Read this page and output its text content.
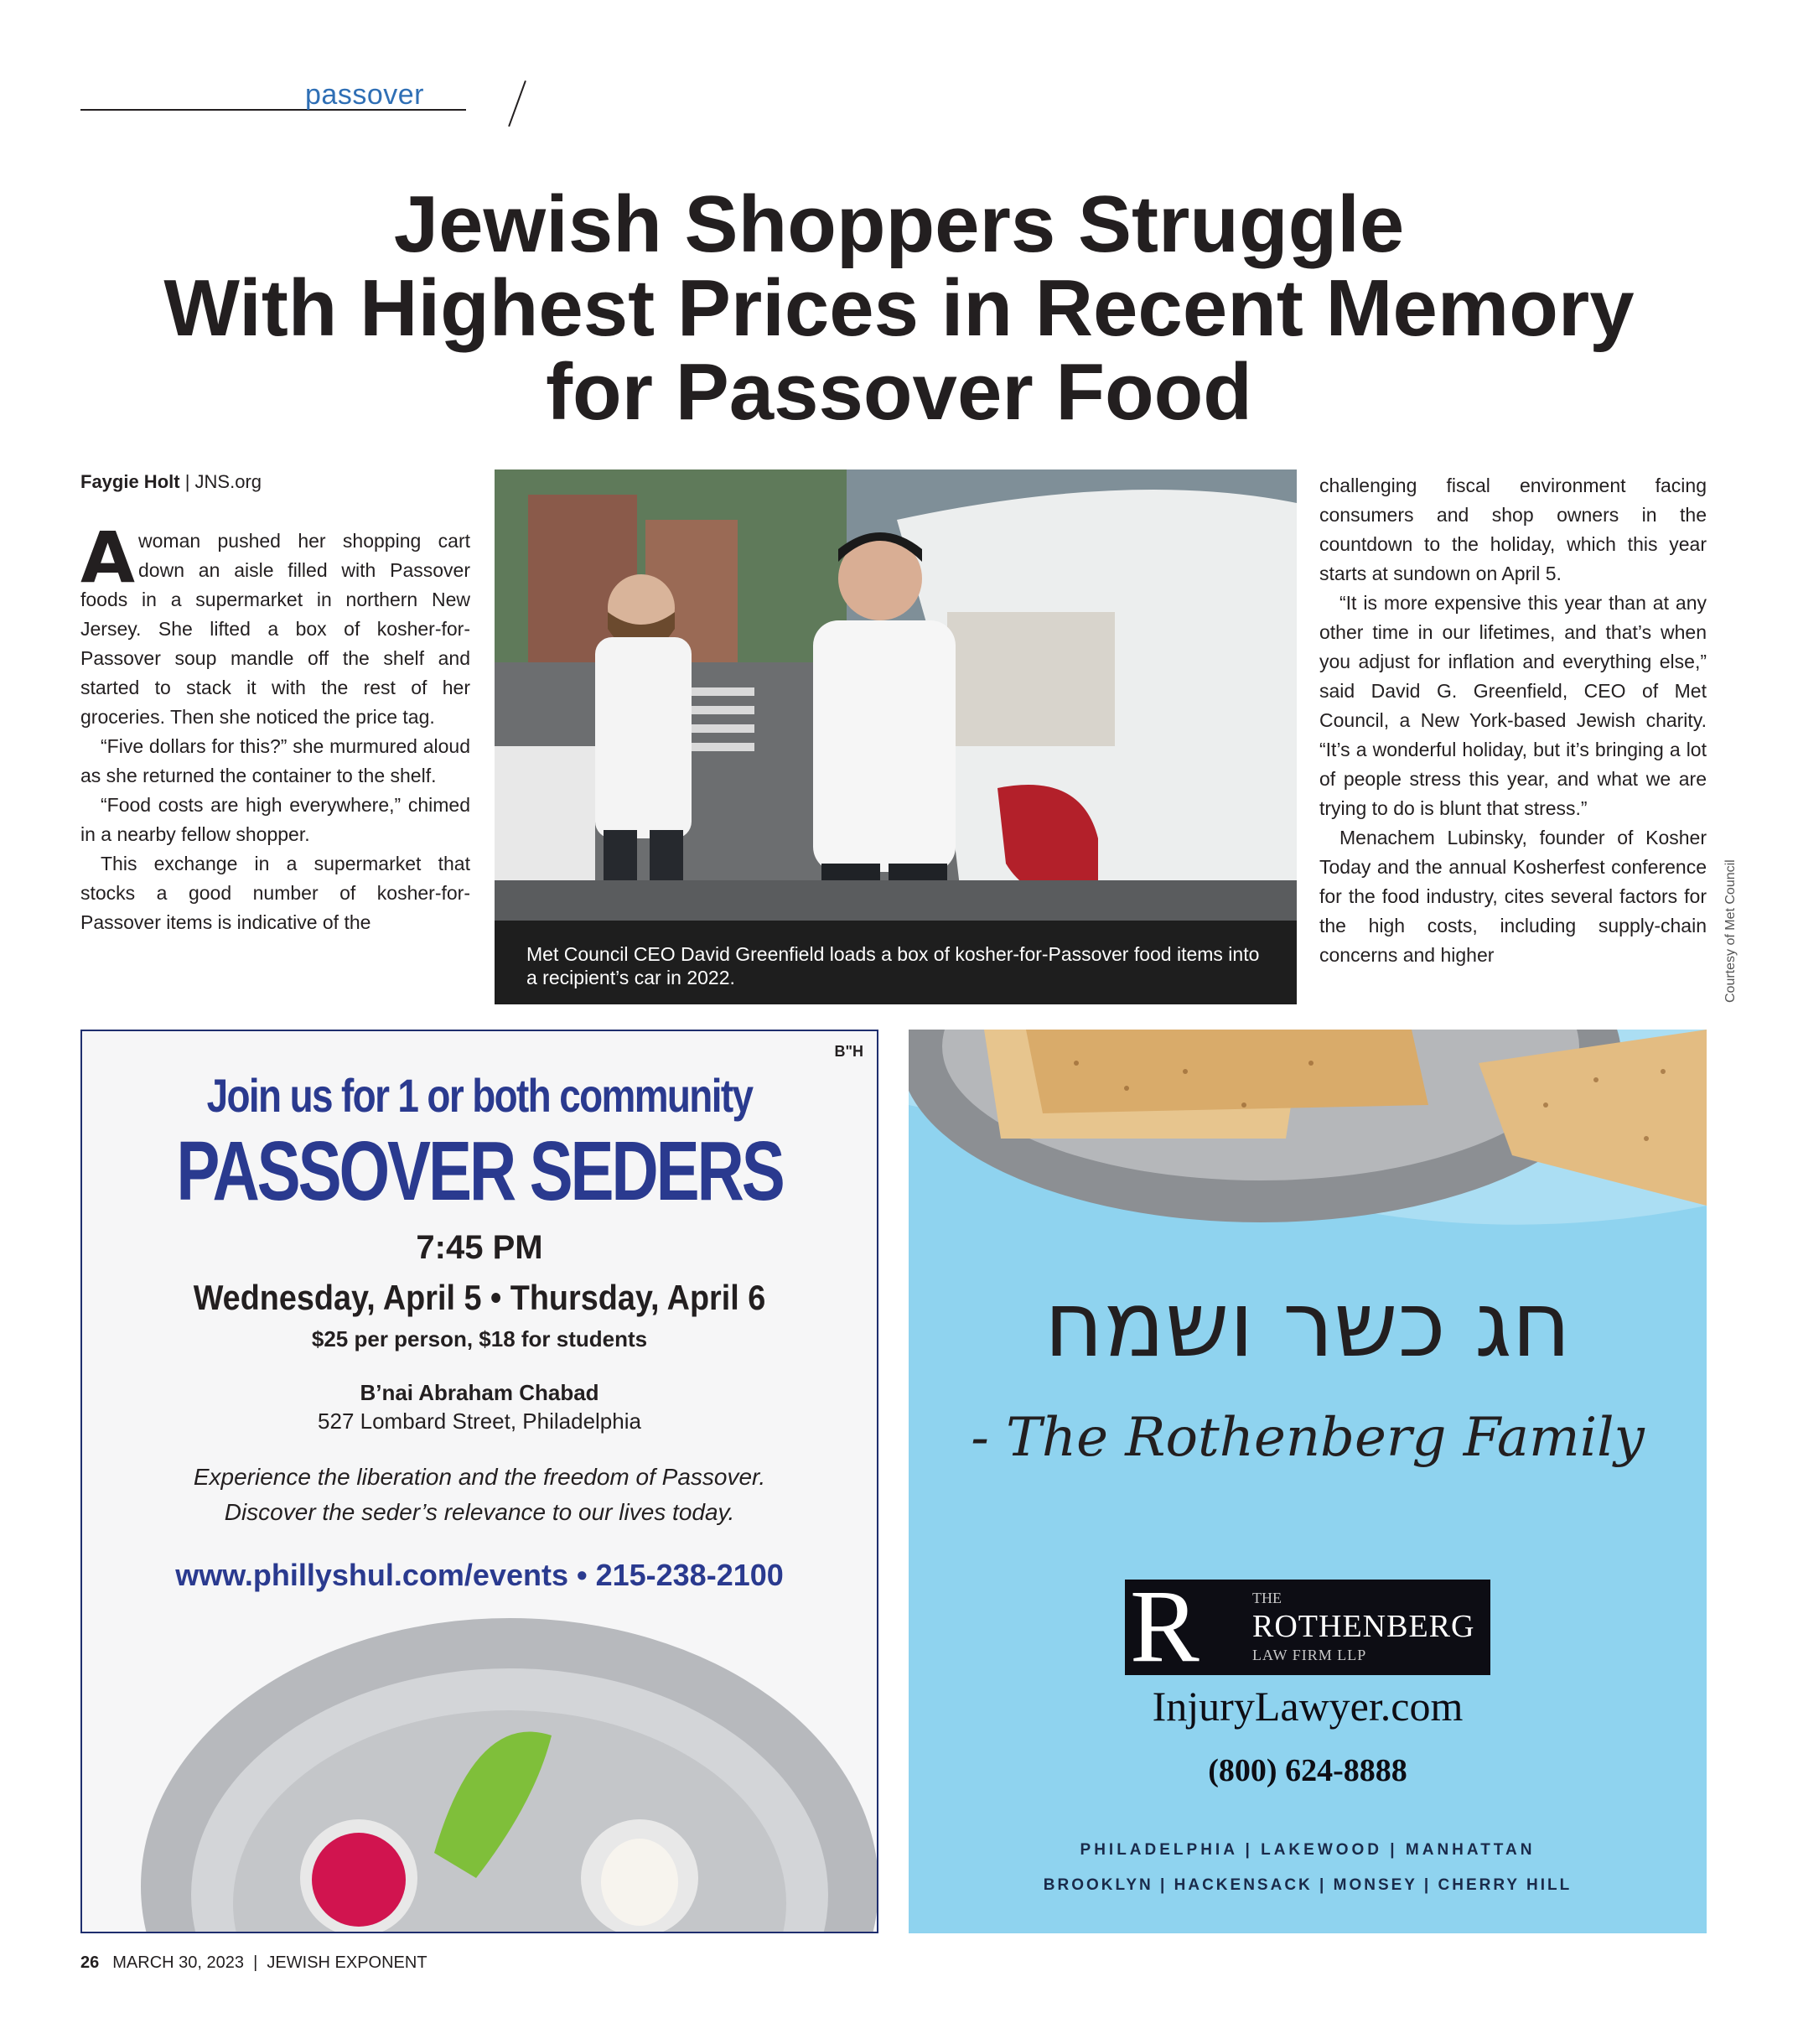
passover
Jewish Shoppers Struggle
With Highest Prices in Recent Memory
for Passover Food
Faygie Holt | JNS.org

Awoman pushed her shopping cart down an aisle filled with Passover foods in a supermarket in northern New Jersey. She lifted a box of kosher-for-Passover soup mandle off the shelf and started to stack it with the rest of her groceries. Then she noticed the price tag.

“Five dollars for this?” she murmured aloud as she returned the container to the shelf.

“Food costs are high everywhere,” chimed in a nearby fellow shopper.

This exchange in a supermarket that stocks a good number of kosher-for-Passover items is indicative of the

Met Council CEO David Greenfield loads a box of kosher-for-Passover food items into a recipient’s car in 2022.	Courtesy of Met Council

challenging fiscal environment facing consumers and shop owners in the countdown to the holiday, which this year starts at sundown on April 5.

“It is more expensive this year than at any other time in our lifetimes, and that’s when you adjust for inflation and everything else,” said David G. Greenfield, CEO of Met Council, a New York-based Jewish charity. “It’s a wonderful holiday, but it’s bringing a lot of people stress this year, and what we are trying to do is blunt that stress.”

Menachem Lubinsky, founder of Kosher Today and the annual Kosherfest conference for the food industry, cites several factors for the high costs, including supply-chain concerns and higher

B"H
Join us for 1 or both community
PASSOVER SEDERS
7:45 PM
Wednesday, April 5 • Thursday, April 6
$25 per person, $18 for students
B’nai Abraham Chabad
527 Lombard Street, Philadelphia
Experience the liberation and the freedom of Passover.
Discover the seder’s relevance to our lives today.
www.phillyshul.com/events • 215-238-2100
חג כשר ושמח
- The Rothenberg Family
R	THE
ROTHENBERG
LAW FIRM LLP
InjuryLawyer.com
(800) 624-8888
PHILADELPHIA | LAKEWOOD | MANHATTAN
BROOKLYN | HACKENSACK | MONSEY | CHERRY HILL
26 MARCH 30, 2023  |  JEWISH EXPONENT
